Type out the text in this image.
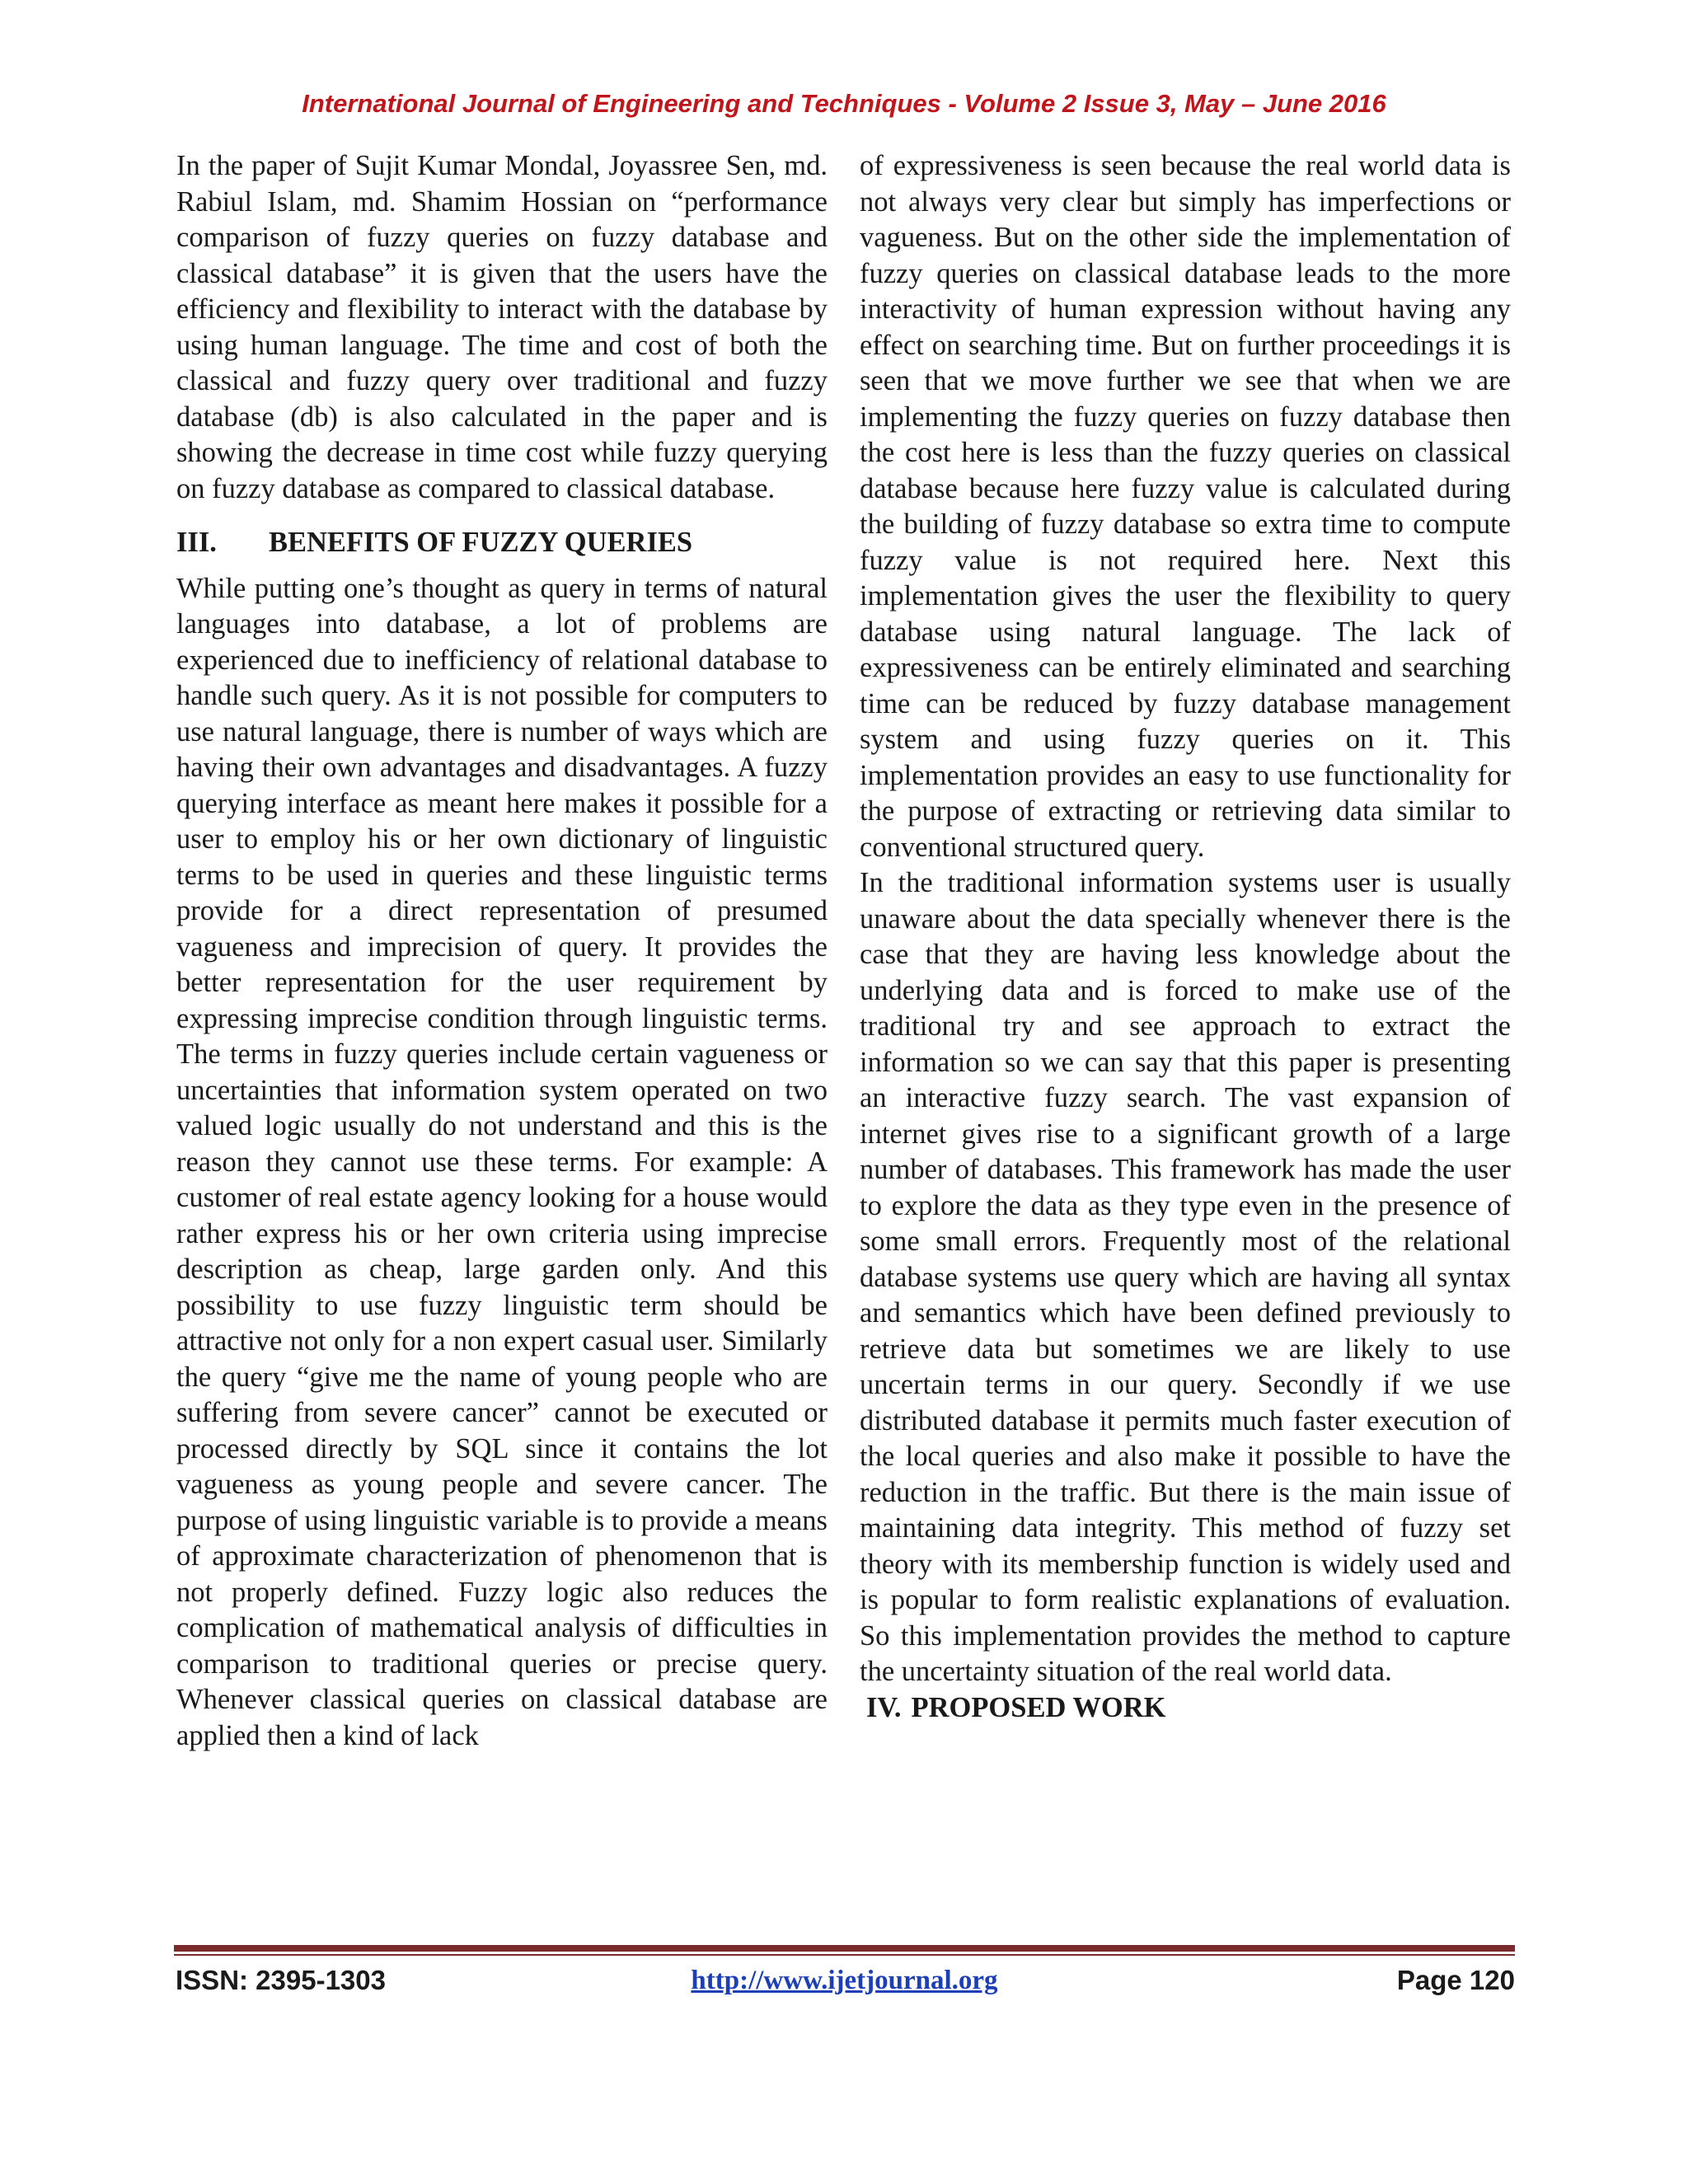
International Journal of Engineering and Techniques - Volume 2 Issue 3, May – June 2016

In the paper of Sujit Kumar Mondal, Joyassree Sen, md. Rabiul Islam, md. Shamim Hossian on “performance comparison of fuzzy queries on fuzzy database and classical database” it is given that the users have the efficiency and flexibility to interact with the database by using human language. The time and cost of both the classical and fuzzy query over traditional and fuzzy database (db) is also calculated in the paper and is showing the decrease in time cost while fuzzy querying on fuzzy database as compared to classical database.

III. BENEFITS OF FUZZY QUERIES

While putting one’s thought as query in terms of natural languages into database, a lot of problems are experienced due to inefficiency of relational database to handle such query. As it is not possible for computers to use natural language, there is number of ways which are having their own advantages and disadvantages. A fuzzy querying interface as meant here makes it possible for a user to employ his or her own dictionary of linguistic terms to be used in queries and these linguistic terms provide for a direct representation of presumed vagueness and imprecision of query. It provides the better representation for the user requirement by expressing imprecise condition through linguistic terms. The terms in fuzzy queries include certain vagueness or uncertainties that information system operated on two valued logic usually do not understand and this is the reason they cannot use these terms. For example: A customer of real estate agency looking for a house would rather express his or her own criteria using imprecise description as cheap, large garden only. And this possibility to use fuzzy linguistic term should be attractive not only for a non expert casual user. Similarly the query “give me the name of young people who are suffering from severe cancer” cannot be executed or processed directly by SQL since it contains the lot vagueness as young people and severe cancer. The purpose of using linguistic variable is to provide a means of approximate characterization of phenomenon that is not properly defined. Fuzzy logic also reduces the complication of mathematical analysis of difficulties in comparison to traditional queries or precise query. Whenever classical queries on classical database are applied then a kind of lack

of expressiveness is seen because the real world data is not always very clear but simply has imperfections or vagueness. But on the other side the implementation of fuzzy queries on classical database leads to the more interactivity of human expression without having any effect on searching time. But on further proceedings it is seen that we move further we see that when we are implementing the fuzzy queries on fuzzy database then the cost here is less than the fuzzy queries on classical database because here fuzzy value is calculated during the building of fuzzy database so extra time to compute fuzzy value is not required here. Next this implementation gives the user the flexibility to query database using natural language. The lack of expressiveness can be entirely eliminated and searching time can be reduced by fuzzy database management system and using fuzzy queries on it. This implementation provides an easy to use functionality for the purpose of extracting or retrieving data similar to conventional structured query.

In the traditional information systems user is usually unaware about the data specially whenever there is the case that they are having less knowledge about the underlying data and is forced to make use of the traditional try and see approach to extract the information so we can say that this paper is presenting an interactive fuzzy search. The vast expansion of internet gives rise to a significant growth of a large number of databases. This framework has made the user to explore the data as they type even in the presence of some small errors. Frequently most of the relational database systems use query which are having all syntax and semantics which have been defined previously to retrieve data but sometimes we are likely to use uncertain terms in our query. Secondly if we use distributed database it permits much faster execution of the local queries and also make it possible to have the reduction in the traffic. But there is the main issue of maintaining data integrity. This method of fuzzy set theory with its membership function is widely used and is popular to form realistic explanations of evaluation. So this implementation provides the method to capture the uncertainty situation of the real world data.

IV. PROPOSED WORK
ISSN: 2395-1303	http://www.ijetjournal.org	Page 120
